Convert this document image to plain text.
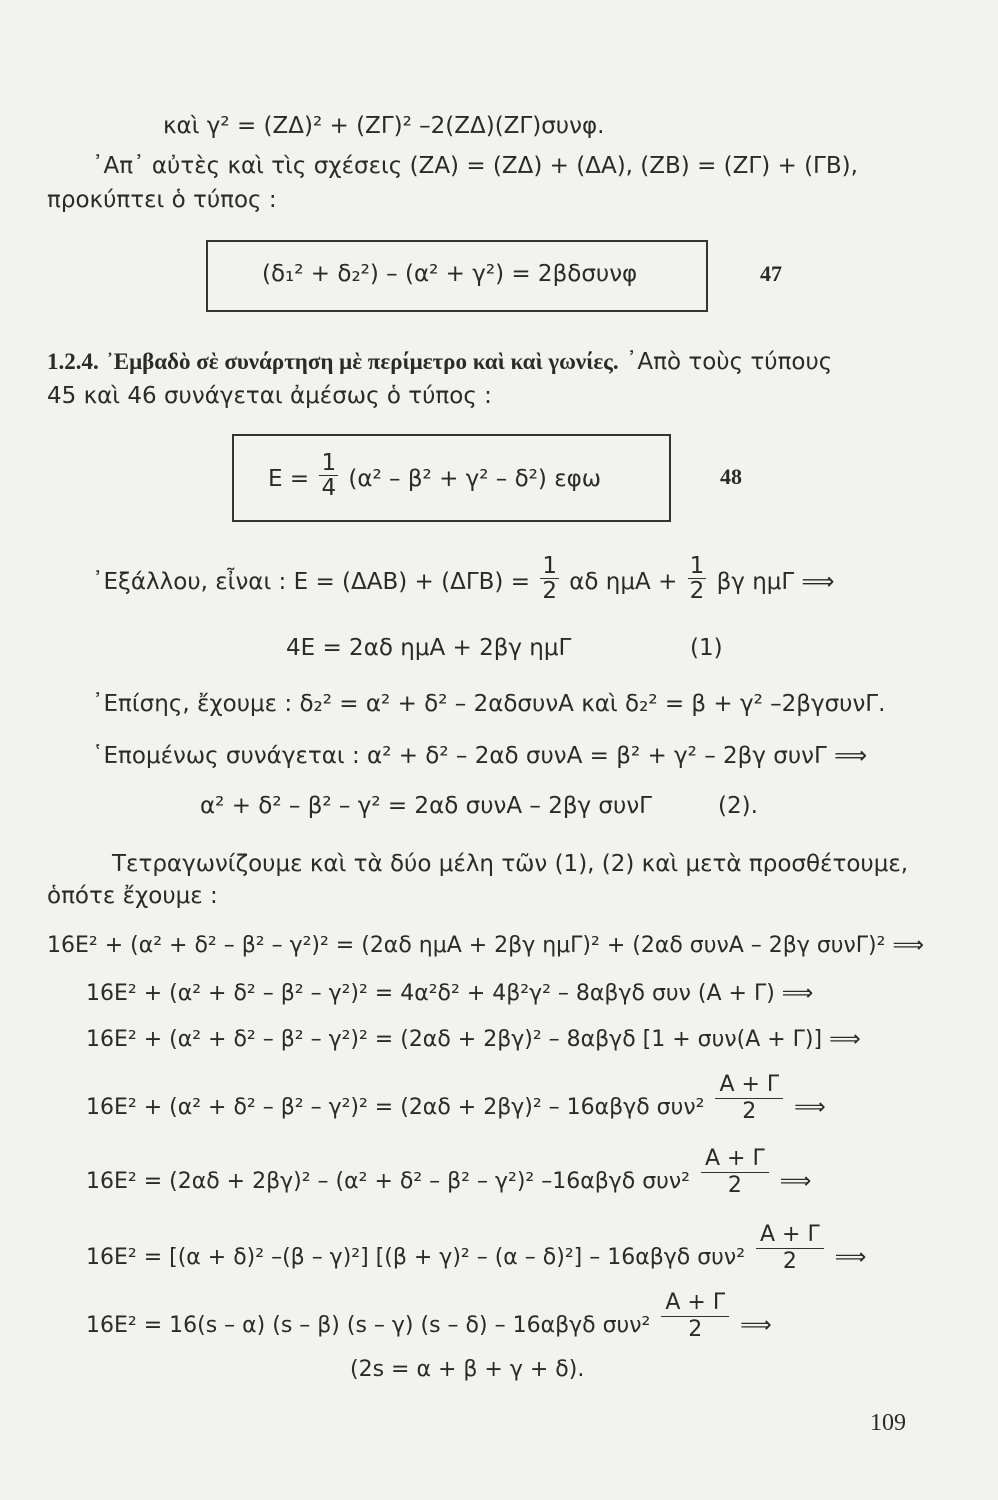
καὶ γ² = (ZΔ)² + (ZΓ)² –2(ZΔ)(ZΓ)συνφ.
᾿Απ᾿ αὐτὲς καὶ τὶς σχέσεις (ZA) = (ZΔ) + (ΔA), (ZB) = (ZΓ) + (ΓB),
προκύπτει ὁ τύπος :
(δ₁² + δ₂²) – (α² + γ²) = 2βδσυνφ	47
1.2.4. ᾿Εμβαδὸ σὲ συνάρτηση μὲ περίμετρο καὶ καὶ γωνίες. ᾿Απὸ τοὺς τύπους
45 καὶ 46 συνάγεται ἀμέσως ὁ τύπος :
$E = \frac{1}{4} (\alpha^2 - \beta^2 + \gamma^2 - \delta^2)$ εφω	48
᾿Εξάλλου, εἶναι : $E = (\Delta AB) + (\Delta\Gamma B) = \frac{1}{2}$ αδ $\eta\mu A + \frac{1}{2}$ βγ ημΓ ⟹
4E = 2αδ ημA + 2βγ ημΓ	(1)
᾿Επίσης, ἔχουμε : δ₂² = α² + δ² – 2αδσυνA καὶ δ₂² = β + γ² –2βγσυνΓ.
῾Επομένως συνάγεται : α² + δ² – 2αδ συνA = β² + γ² – 2βγ συνΓ ⟹
α² + δ² – β² – γ² = 2αδ συνA – 2βγ συνΓ	(2).
Τετραγωνίζουμε καὶ τὰ δύο μέλη τῶν (1), (2) καὶ μετὰ προσθέτουμε,
ὁπότε ἔχουμε :
16E² + (α² + δ² – β² – γ²)² = (2αδ ημA + 2βγ ημΓ)² + (2αδ συνA – 2βγ συνΓ)² ⟹
16E² + (α² + δ² – β² – γ²)² = 4α²δ² + 4β²γ² – 8αβγδ συν (A + Γ) ⟹
16E² + (α² + δ² – β² – γ²)² = (2αδ + 2βγ)² – 8αβγδ [1 + συν(A + Γ)] ⟹
16E² + (α² + δ² – β² – γ²)² = (2αδ + 2βγ)² – 16αβγδ $\sigma\upsilon\nu^2 \frac{A + \Gamma}{2}$ ⟹
16E² = (2αδ + 2βγ)² – (α² + δ² – β² – γ²)² –16αβγδ $\sigma\upsilon\nu^2 \frac{A + \Gamma}{2}$ ⟹
16E² = [(α + δ)² –(β – γ)²] [(β + γ)² – (α – δ)²] – 16αβγδ $\sigma\upsilon\nu^2 \frac{A + \Gamma}{2}$ ⟹
16E² = 16(s – α) (s – β) (s – γ) (s – δ) – 16αβγδ $\sigma\upsilon\nu^2 \frac{A + \Gamma}{2}$ ⟹
(2s = α + β + γ + δ).
109
